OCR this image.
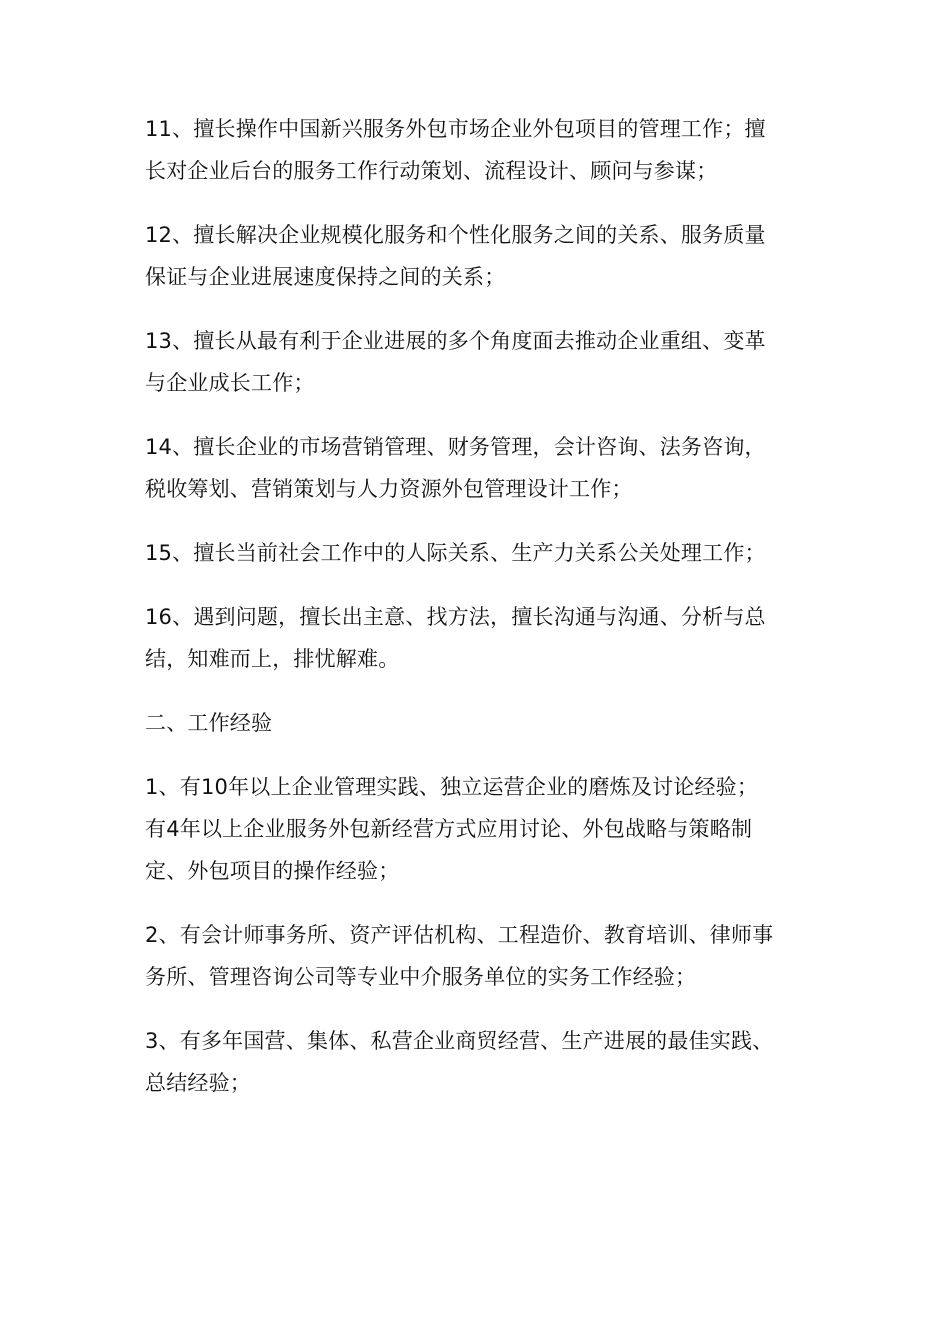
11、擅长操作中国新兴服务外包市场企业外包项目的管理工作；擅
长对企业后台的服务工作行动策划、流程设计、顾问与参谋；

12、擅长解决企业规模化服务和个性化服务之间的关系、服务质量
保证与企业进展速度保持之间的关系；

13、擅长从最有利于企业进展的多个角度面去推动企业重组、变革
与企业成长工作；

14、擅长企业的市场营销管理、财务管理，会计咨询、法务咨询，
税收筹划、营销策划与人力资源外包管理设计工作；

15、擅长当前社会工作中的人际关系、生产力关系公关处理工作；

16、遇到问题，擅长出主意、找方法，擅长沟通与沟通、分析与总
结，知难而上，排忧解难。

二、工作经验

1、有10年以上企业管理实践、独立运营企业的磨炼及讨论经验；
有4年以上企业服务外包新经营方式应用讨论、外包战略与策略制
定、外包项目的操作经验；

2、有会计师事务所、资产评估机构、工程造价、教育培训、律师事
务所、管理咨询公司等专业中介服务单位的实务工作经验；

3、有多年国营、集体、私营企业商贸经营、生产进展的最佳实践、
总结经验；
